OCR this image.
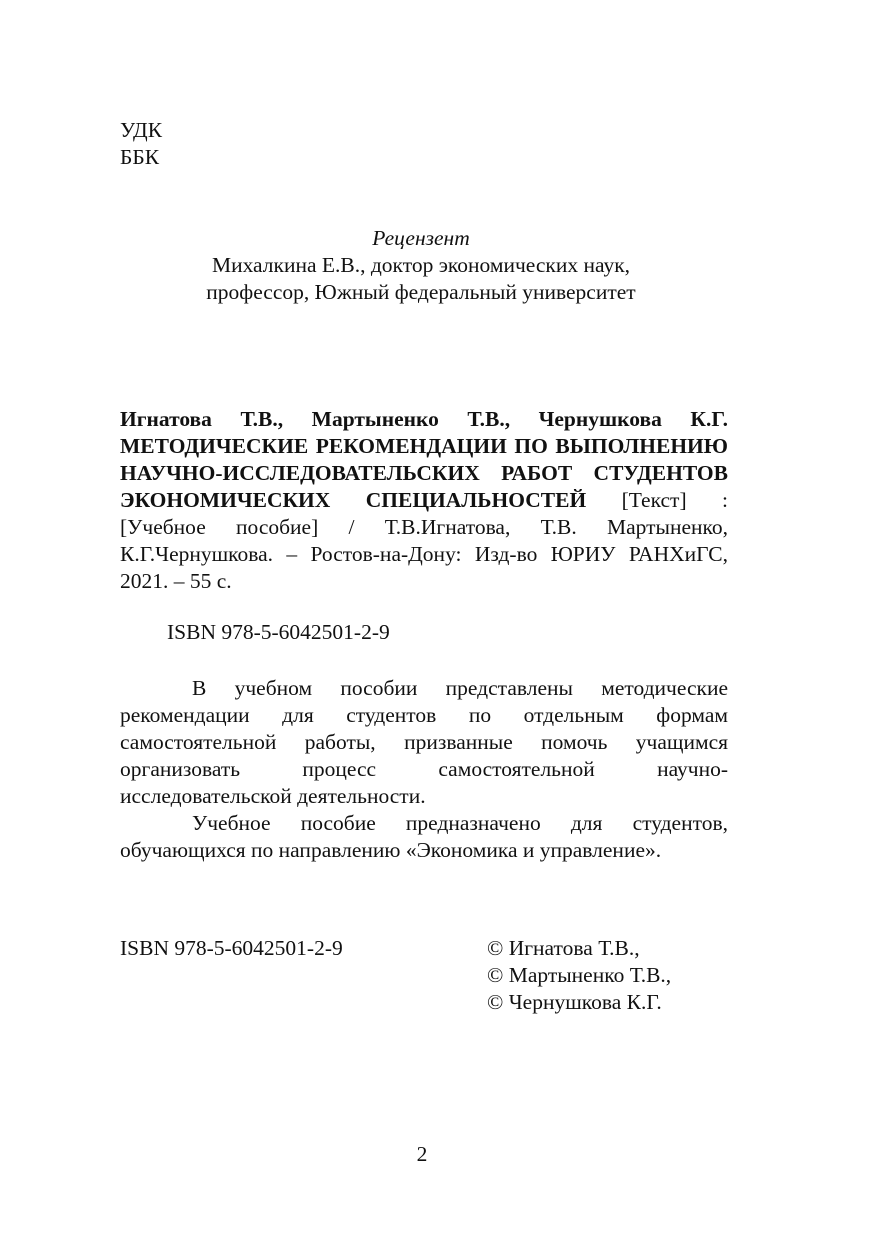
УДК
ББК
Рецензент
Михалкина Е.В., доктор экономических наук,
профессор, Южный федеральный университет
Игнатова Т.В., Мартыненко Т.В., Чернушкова К.Г. МЕТОДИЧЕСКИЕ РЕКОМЕНДАЦИИ ПО ВЫПОЛНЕНИЮ НАУЧНО-ИССЛЕДОВАТЕЛЬСКИХ РАБОТ СТУДЕНТОВ ЭКОНОМИЧЕСКИХ СПЕЦИАЛЬНОСТЕЙ [Текст] : [Учебное пособие] / Т.В.Игнатова, Т.В. Мартыненко, К.Г.Чернушкова. – Ростов-на-Дону: Изд-во ЮРИУ РАНХиГС, 2021. – 55 с.
ISBN 978-5-6042501-2-9

В учебном пособии представлены методические рекомендации для студентов по отдельным формам самостоятельной работы, призванные помочь учащимся организовать процесс самостоятельной научно-исследовательской деятельности.

Учебное пособие предназначено для студентов, обучающихся по направлению «Экономика и управление».

ISBN 978-5-6042501-2-9	© Игнатова Т.В.,
© Мартыненко Т.В.,
© Чернушкова К.Г.
2
